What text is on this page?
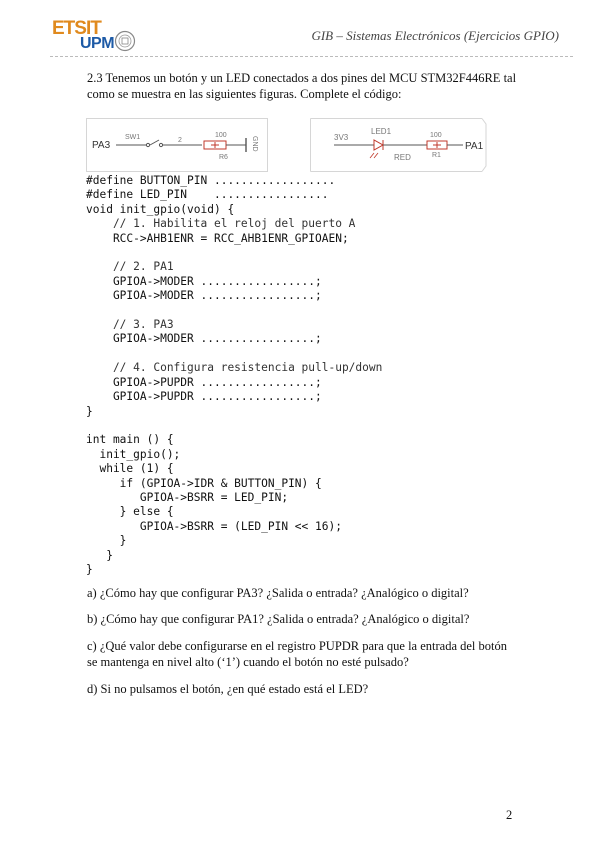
ETSIT
UPM	GIB – Sistemas Electrónicos (Ejercicios GPIO)
2.3 Tenemos un botón y un LED conectados a dos pines del MCU STM32F446RE tal como se muestra en las siguientes figuras. Complete el código:
PA3
SW1	2
100
R6
GND	3V3
LED1
RED
100
R1
PA1
#define BUTTON_PIN ..................
#define LED_PIN    .................
void init_gpio(void) {
// 1. Habilita el reloj del puerto A
RCC->AHB1ENR = RCC_AHB1ENR_GPIOAEN;

// 2. PA1
GPIOA->MODER .................;
GPIOA->MODER .................;

// 3. PA3
GPIOA->MODER .................;

// 4. Configura resistencia pull-up/down
GPIOA->PUPDR .................;
GPIOA->PUPDR .................;
}

int main () {
init_gpio();
while (1) {
if (GPIOA->IDR & BUTTON_PIN) {
GPIOA->BSRR = LED_PIN;
} else {
GPIOA->BSRR = (LED_PIN << 16);
}
}
}

a) ¿Cómo hay que configurar PA3? ¿Salida o entrada? ¿Analógico o digital?
b) ¿Cómo hay que configurar PA1? ¿Salida o entrada? ¿Analógico o digital?
c) ¿Qué valor debe configurarse en el registro PUPDR para que la entrada del botón se mantenga en nivel alto (‘1’) cuando el botón no esté pulsado?
d) Si no pulsamos el botón, ¿en qué estado está el LED?
2
